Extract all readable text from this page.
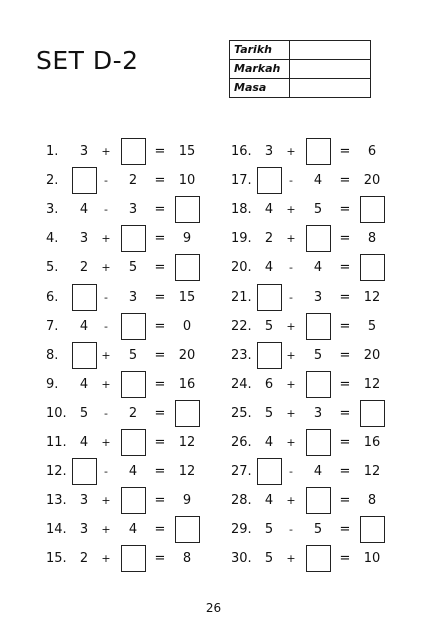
SET D-2	Tarikh	
Markah	
Masa	
1.	3	+	=	15
2.	-	2	=	10
3.	4	-	3	=
4.	3	+	=	9
5.	2	+	5	=
6.	-	3	=	15
7.	4	-	=	0
8.	+	5	=	20
9.	4	+	=	16
10.	5	-	2	=
11.	4	+	=	12
12.	-	4	=	12
13.	3	+	=	9
14.	3	+	4	=
15.	2	+	=	8
16.	3	+	=	6
17.	-	4	=	20
18.	4	+	5	=
19.	2	+	=	8
20.	4	-	4	=
21.	-	3	=	12
22.	5	+	=	5
23.	+	5	=	20
24.	6	+	=	12
25.	5	+	3	=
26.	4	+	=	16
27.	-	4	=	12
28.	4	+	=	8
29.	5	-	5	=
30.	5	+	=	10
26
